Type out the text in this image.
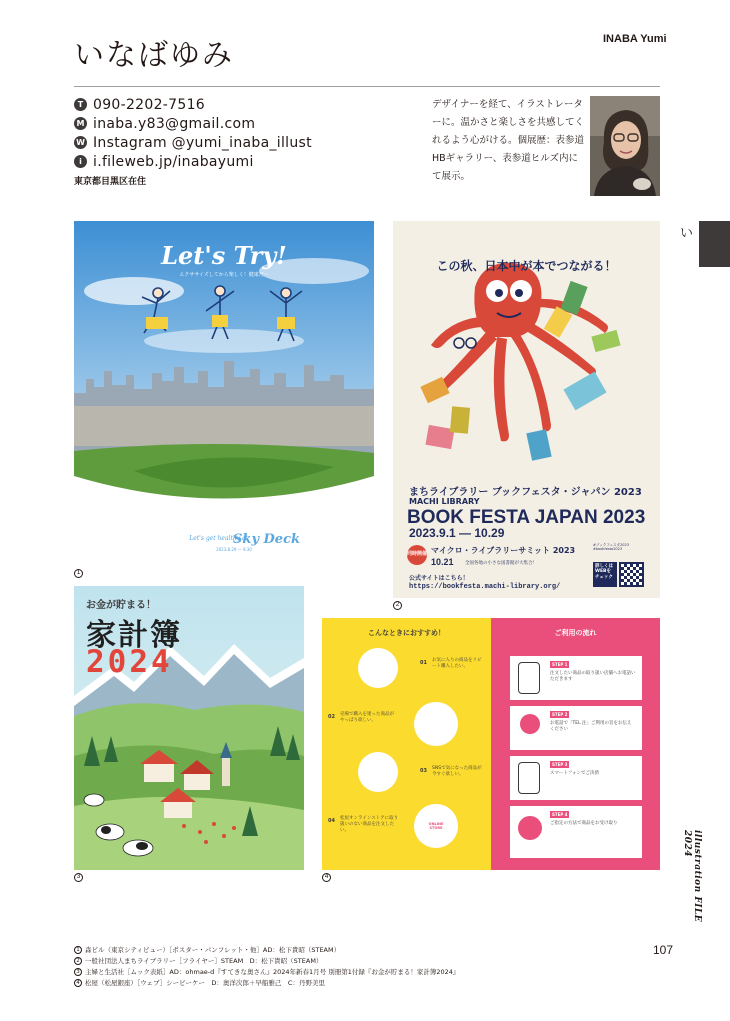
いなばゆみ	INABA Yumi
T 090-2202-7516
M inaba.y83@gmail.com
W Instagram @yumi_inaba_illust
i i.fileweb.jp/inabayumi
東京都目黒区在住
デザイナーを経て、イラストレーターに。温かさと楽しさを共感してくれるよう心がける。個展歴：表参道HBギャラリー、表参道ヒルズ内にて展示。
い
illustration FILE 2024
107
Sky Deck
Let's Try!
エクササイズしてから楽しく！健康だ〜
Let's get healthy at
2023.8.29 — 9.30
1
この秋、日本中が本でつながる！
まちライブラリー ブックフェスタ・ジャパン 2023
MACHI LIBRARY
BOOK FESTA JAPAN 2023
2023.9.1 — 10.29
同時開催 マイクロ・ライブラリーサミット 2023
10.21	全国各地の小さな図書館が大集合！
公式サイトはこちら！
https://bookfesta.machi-library.org/
#ブックフェスタ2023 #bookfesta2023
詳しくはWEBをチェック
2
お金が貯まる！
家計簿
2024
3
こんなときにおすすめ！	ご利用の流れ
01 お気に入りの商品をリピート購入したい。
02 売場で購入を迷った商品がやっぱり欲しい。
03 SNSで気になった商品が今すぐ欲しい。
04 松屋オンラインストアに取り扱いのない商品を注文したい。
ONLINE STORE
STEP 1
注文したい商品の取り扱い店舗へお電話いただきます
STEP 2
お電話で「TEL 注」ご利用の旨をお伝えください
STEP 3
スマートフォンでご決済
STEP 4
ご指定の方法で商品をお受け取り
4
1 森ビル（東京シティビュー）［ポスター・パンフレット・他］AD：松下貴昭（STEAM）
2 一般社団法人まちライブラリー［フライヤー］STEAM　D：松下貴昭（STEAM）
3 主婦と生活社［ムック表紙］AD：ohmae-d『すてきな奥さん』2024年新春1月号 別冊第1付録『お金が貯まる！家計簿2024』
4 松屋（松屋銀座）［ウェブ］シービーケー　D：奥洋次郎＋早船雅己　C：丹野美里
